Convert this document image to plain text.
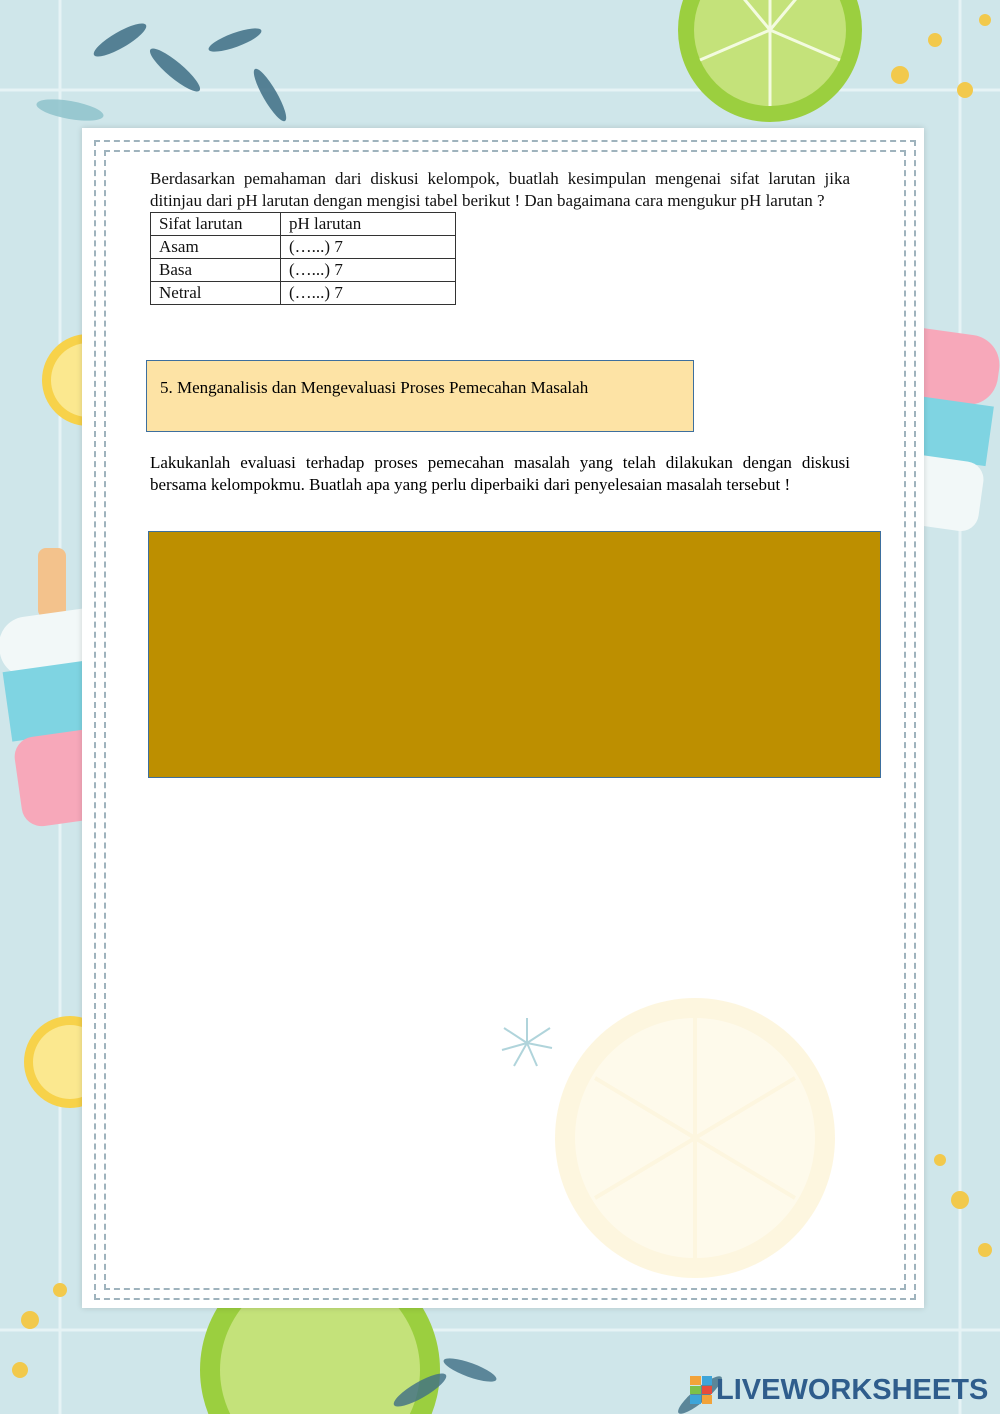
Berdasarkan pemahaman dari diskusi kelompok, buatlah kesimpulan mengenai sifat larutan jika ditinjau dari pH larutan dengan mengisi tabel berikut ! Dan bagaimana cara mengukur pH larutan ?

Sifat larutan	pH larutan
Asam	(…...) 7
Basa	(…...) 7
Netral	(…...) 7
5. Menganalisis dan Mengevaluasi Proses Pemecahan Masalah

Lakukanlah evaluasi terhadap proses pemecahan masalah yang telah dilakukan dengan diskusi bersama kelompokmu. Buatlah apa yang perlu diperbaiki dari penyelesaian masalah tersebut !

LIVEWORKSHEETS
